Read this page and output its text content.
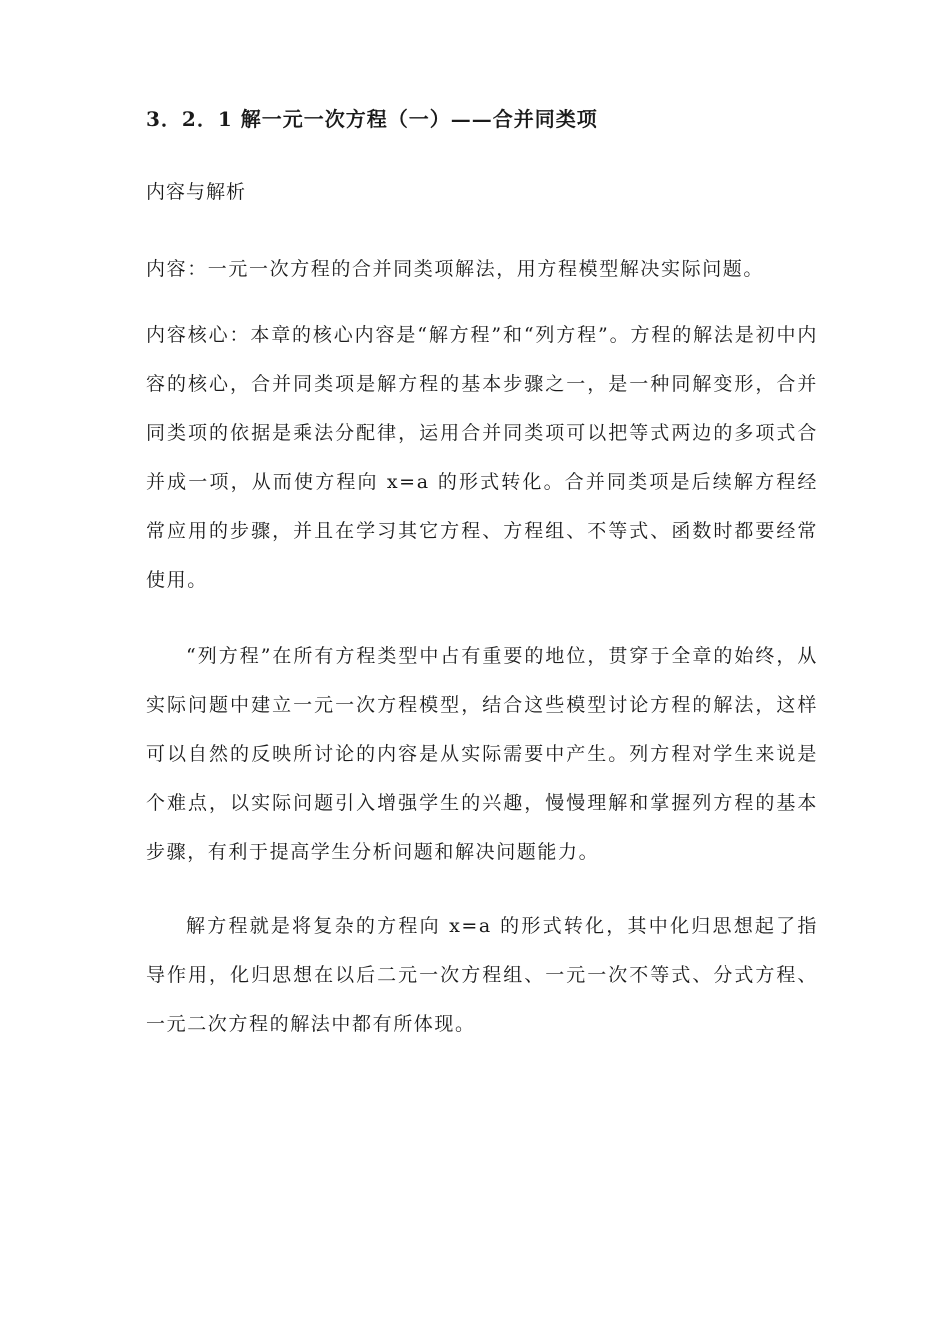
3．2．1 解一元一次方程（一）——合并同类项
内容与解析

内容：一元一次方程的合并同类项解法，用方程模型解决实际问题。

内容核心：本章的核心内容是“解方程”和“列方程”。方程的解法是初中内容的核心，合并同类项是解方程的基本步骤之一，是一种同解变形，合并同类项的依据是乘法分配律，运用合并同类项可以把等式两边的多项式合并成一项，从而使方程向 x=a 的形式转化。合并同类项是后续解方程经常应用的步骤，并且在学习其它方程、方程组、不等式、函数时都要经常使用。

“列方程”在所有方程类型中占有重要的地位，贯穿于全章的始终，从实际问题中建立一元一次方程模型，结合这些模型讨论方程的解法，这样可以自然的反映所讨论的内容是从实际需要中产生。列方程对学生来说是个难点，以实际问题引入增强学生的兴趣，慢慢理解和掌握列方程的基本步骤，有利于提高学生分析问题和解决问题能力。

解方程就是将复杂的方程向 x=a 的形式转化，其中化归思想起了指导作用，化归思想在以后二元一次方程组、一元一次不等式、分式方程、一元二次方程的解法中都有所体现。
